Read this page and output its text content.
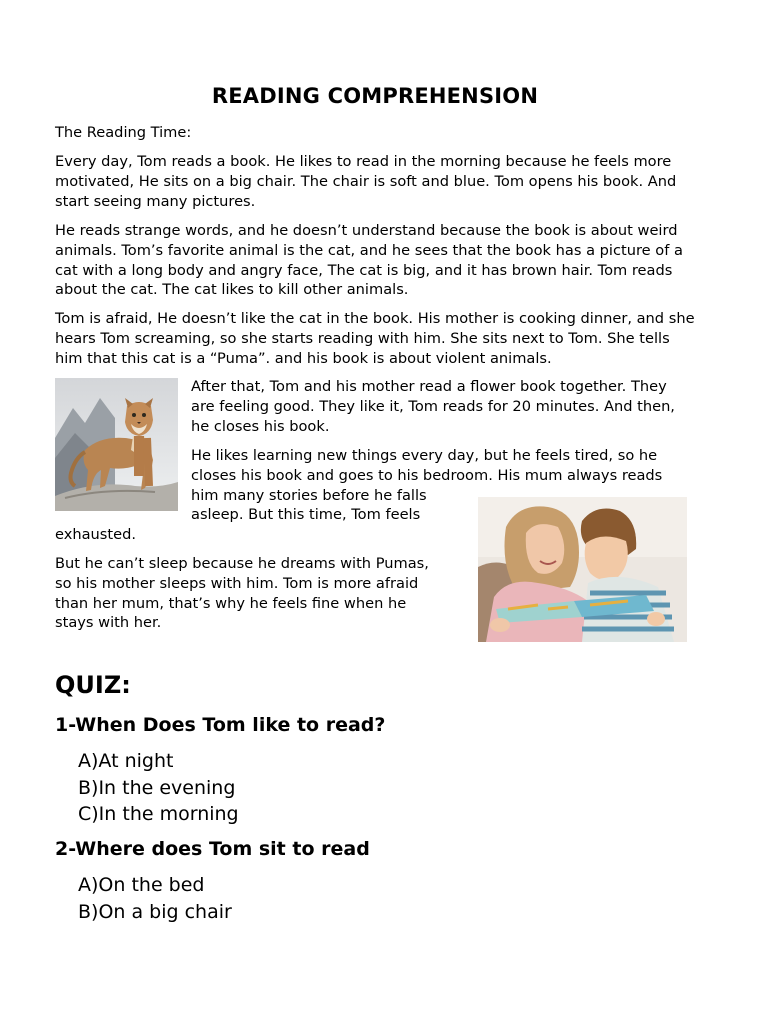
READING COMPREHENSION

The Reading Time:

Every day, Tom reads a book. He likes to read in the morning because he feels more motivated, He sits on a big chair. The chair is soft and blue. Tom opens his book. And start seeing many pictures.

He reads strange words, and he doesn’t understand because the book is about weird animals. Tom’s favorite animal is the cat, and he sees that the book has a picture of a cat with a long body and angry face, The cat is big, and it has brown hair. Tom reads about the cat. The cat likes to kill other animals.

Tom is afraid, He doesn’t like the cat in the book. His mother is cooking dinner, and she hears Tom screaming, so she starts reading with him. She sits next to Tom. She tells him that this cat is a “Puma”. and his book is about violent animals.

After that, Tom and his mother read a flower book together. They are feeling good. They like it, Tom reads for 20 minutes. And then, he closes his book.

He likes learning new things every day, but he feels tired, so he
closes his book and goes to his bedroom. His mum always reads
him many stories before he falls
asleep. But this time, Tom feels
exhausted.
But he can’t sleep because he dreams with Pumas,
so his mother sleeps with him. Tom is more afraid
than her mum, that’s why he feels fine when he
stays with her.
QUIZ:
1-When Does Tom like to read?
A)At night
B)In the evening
C)In the morning
2-Where does Tom sit to read
A)On the bed
B)On a big chair
